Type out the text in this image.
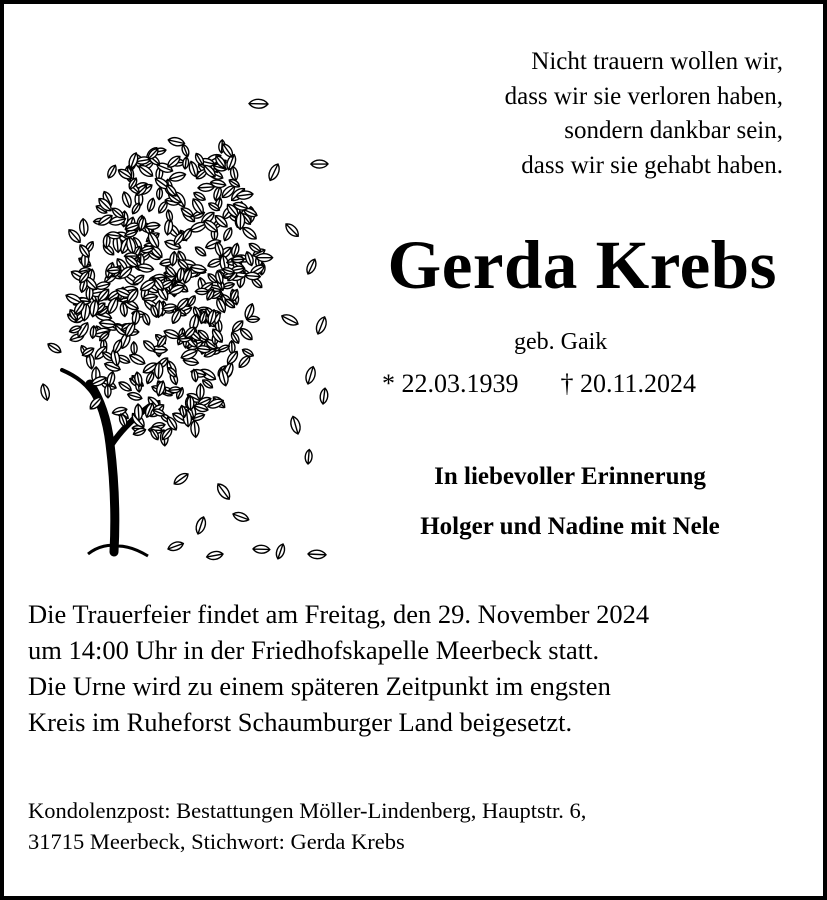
Nicht trauern wollen wir,
dass wir sie verloren haben,
sondern dankbar sein,
dass wir sie gehabt haben.
Gerda Krebs
geb. Gaik
* 22.03.1939 † 20.11.2024
In liebevoller Erinnerung
Holger und Nadine mit Nele
Die Trauerfeier findet am Freitag, den 29. November 2024
um 14:00 Uhr in der Friedhofskapelle Meerbeck statt.
Die Urne wird zu einem späteren Zeitpunkt im engsten
Kreis im Ruheforst Schaumburger Land beigesetzt.
Kondolenzpost: Bestattungen Möller-Lindenberg, Hauptstr. 6,
31715 Meerbeck, Stichwort: Gerda Krebs
